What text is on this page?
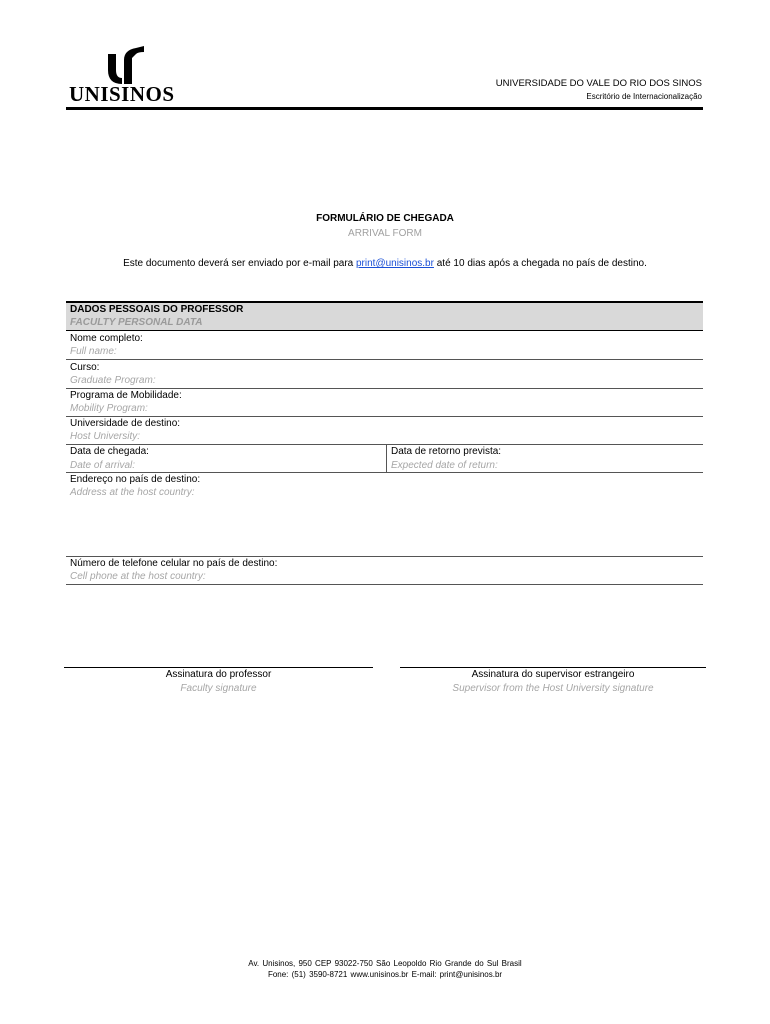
UNISINOS	UNIVERSIDADE DO VALE DO RIO DOS SINOS
Escritório de Internacionalização
FORMULÁRIO DE CHEGADA
ARRIVAL FORM
Este documento deverá ser enviado por e-mail para print@unisinos.br até 10 dias após a chegada no país de destino.
DADOS PESSOAIS DO PROFESSOR
FACULTY PERSONAL DATA
Nome completo:
Full name:
Curso:
Graduate Program:
Programa de Mobilidade:
Mobility Program:
Universidade de destino:
Host University:
Data de chegada:
Date of arrival:
Data de retorno prevista:
Expected date of return:
Endereço no país de destino:
Address at the host country:
Número de telefone celular no país de destino:
Cell phone at the host country:
Assinatura do professor
Faculty signature
Assinatura do supervisor estrangeiro
Supervisor from the Host University signature
Av. Unisinos, 950 CEP 93022-750 São Leopoldo Rio Grande do Sul Brasil
Fone: (51) 3590-8721 www.unisinos.br E-mail: print@unisinos.br
